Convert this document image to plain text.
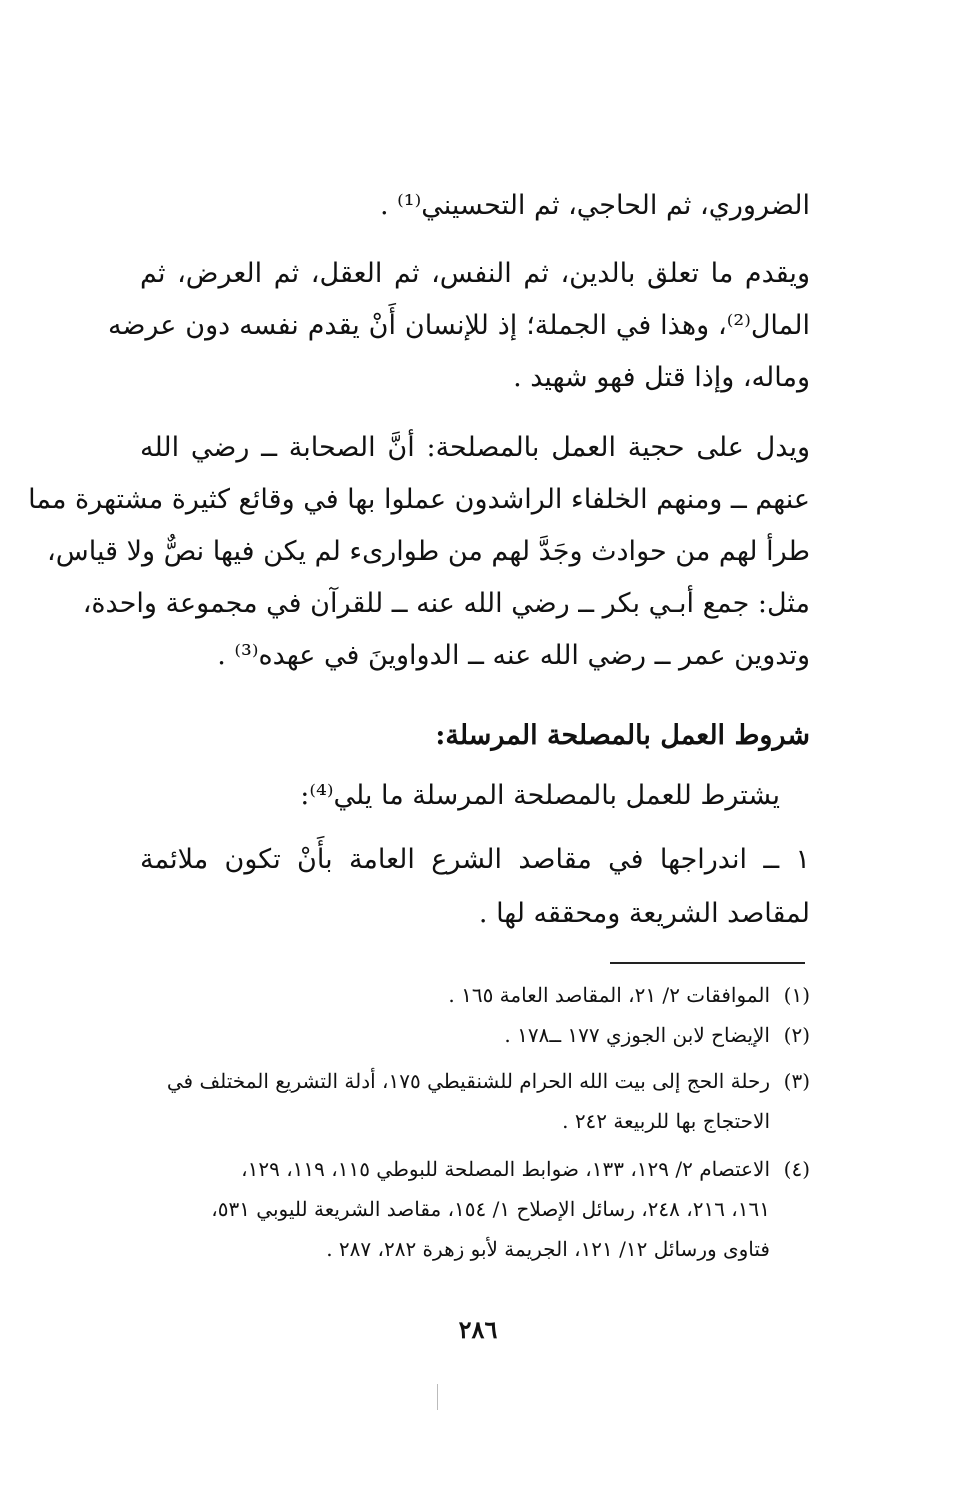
الضروري، ثم الحاجي، ثم التحسيني⁽¹⁾ .
ويقدم ما تعلق بالدين، ثم النفس، ثم العقل، ثم العرض، ثم
المال⁽²⁾، وهذا في الجملة؛ إذ للإنسان أَنْ يقدم نفسه دون عرضه
وماله، وإذا قتل فهو شهيد .
ويدل على حجية العمل بالمصلحة: أنَّ الصحابة ــ رضي الله
عنهم ــ ومنهم الخلفاء الراشدون عملوا بها في وقائع كثيرة مشتهرة مما
طرأ لهم من حوادث وجَدَّ لهم من طوارىء لم يكن فيها نصٌّ ولا قياس،
مثل: جمع أبـي بكر ــ رضي الله عنه ــ للقرآن في مجموعة واحدة،
وتدوين عمر ــ رضي الله عنه ــ الدواوينَ في عهده⁽³⁾ .
شروط العمل بالمصلحة المرسلة:
يشترط للعمل بالمصلحة المرسلة ما يلي⁽⁴⁾:
١ ــ اندراجها في مقاصد الشرع العامة بأَنْ تكون ملائمة
لمقاصد الشريعة ومحققه لها .
(١)الموافقات ٢/ ٢١، المقاصد العامة ١٦٥ .
(٢)الإيضاح لابن الجوزي ١٧٧ ــ١٧٨ .
(٣)رحلة الحج إلى بيت الله الحرام للشنقيطي ١٧٥، أدلة التشريع المختلف في
الاحتجاج بها للربيعة ٢٤٢ .
(٤)الاعتصام ٢/ ١٢٩، ١٣٣، ضوابط المصلحة للبوطي ١١٥، ١١٩، ١٢٩،
١٦١، ٢١٦، ٢٤٨، رسائل الإصلاح ١/ ١٥٤، مقاصد الشريعة لليوبي ٥٣١،
فتاوى ورسائل ١٢/ ١٢١، الجريمة لأبو زهرة ٢٨٢، ٢٨٧ .
٢٨٦
